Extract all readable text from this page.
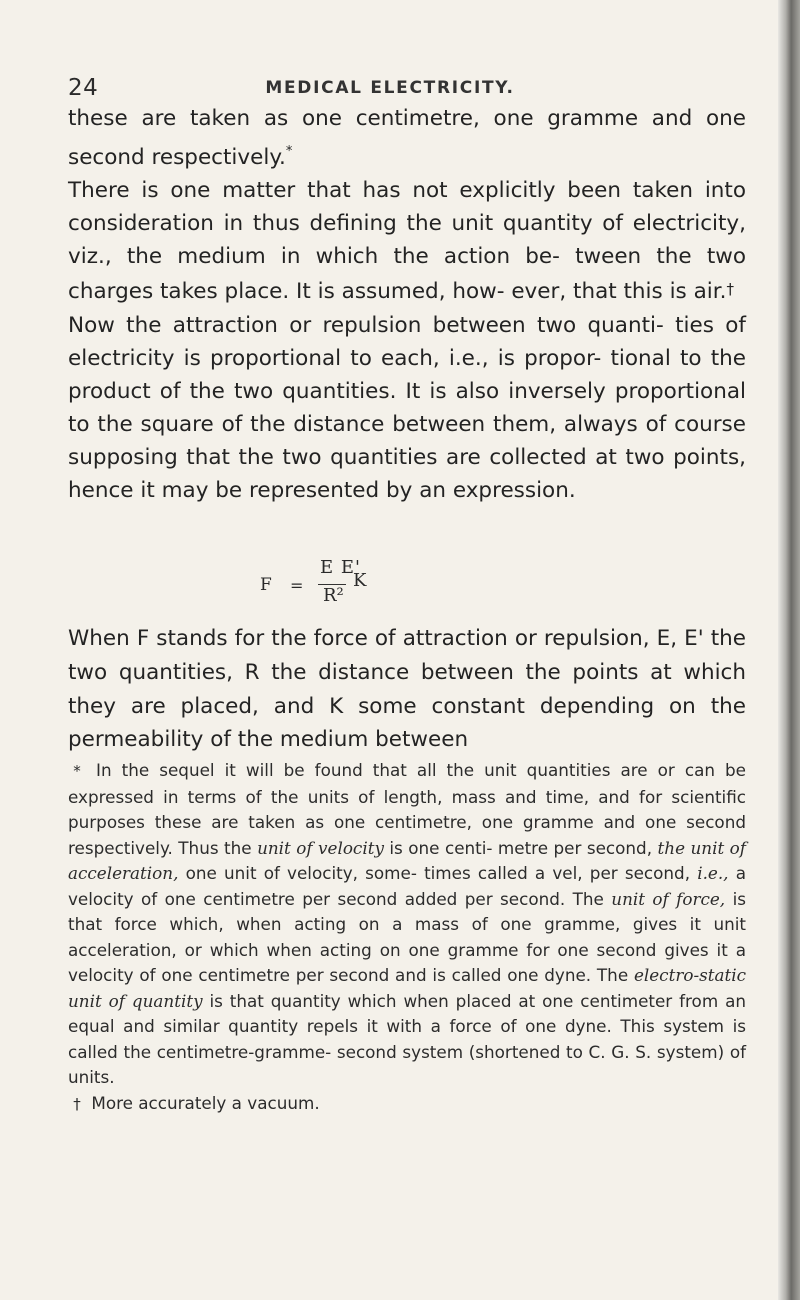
24	MEDICAL ELECTRICITY.

these are taken as one centimetre, one gramme and one second respectively.*

There is one matter that has not explicitly been taken into consideration in thus defining the unit quantity of electricity, viz., the medium in which the action be- tween the two charges takes place. It is assumed, how- ever, that this is air.†

Now the attraction or repulsion between two quanti- ties of electricity is proportional to each, i.e., is propor- tional to the product of the two quantities. It is also inversely proportional to the square of the distance between them, always of course supposing that the two quantities are collected at two points, hence it may be represented by an expression.

F =
E E'
R²
K
When F stands for the force of attraction or repulsion, E, E' the two quantities, R the distance between the points at which they are placed, and K some constant depending on the permeability of the medium between

* In the sequel it will be found that all the unit quantities are or can be expressed in terms of the units of length, mass and time, and for scientific purposes these are taken as one centimetre, one gramme and one second respectively. Thus the unit of velocity is one centi- metre per second, the unit of acceleration, one unit of velocity, some- times called a vel, per second, i.e., a velocity of one centimetre per second added per second. The unit of force, is that force which, when acting on a mass of one gramme, gives it unit acceleration, or which when acting on one gramme for one second gives it a velocity of one centimetre per second and is called one dyne. The electro-static unit of quantity is that quantity which when placed at one centimeter from an equal and similar quantity repels it with a force of one dyne. This system is called the centimetre-gramme- second system (shortened to C. G. S. system) of units.

† More accurately a vacuum.
